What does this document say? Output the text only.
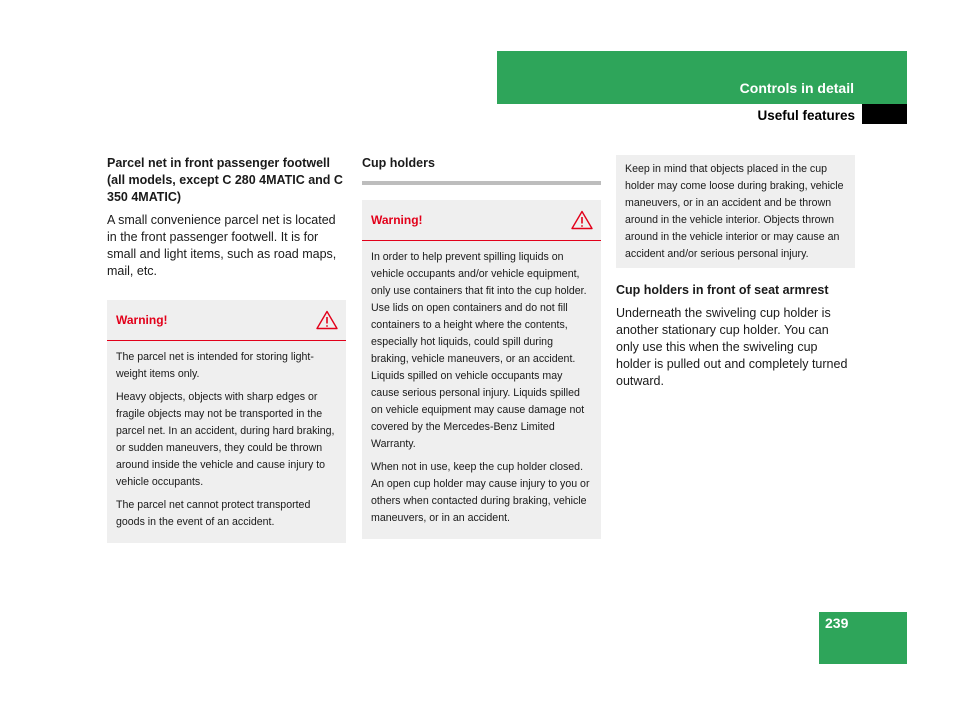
Controls in detail
Useful features

Parcel net in front passenger footwell (all models, except C 280 4MATIC and C 350 4MATIC)

A small convenience parcel net is located in the front passenger footwell. It is for small and light items, such as road maps, mail, etc.

Warning!

The parcel net is intended for storing light-weight items only.

Heavy objects, objects with sharp edges or fragile objects may not be transported in the parcel net. In an accident, during hard braking, or sudden maneuvers, they could be thrown around inside the vehicle and cause injury to vehicle occupants.

The parcel net cannot protect transported goods in the event of an accident.

Cup holders

Warning!

In order to help prevent spilling liquids on vehicle occupants and/or vehicle equipment, only use containers that fit into the cup holder. Use lids on open containers and do not fill containers to a height where the contents, especially hot liquids, could spill during braking, vehicle maneuvers, or an accident. Liquids spilled on vehicle occupants may cause serious personal injury. Liquids spilled on vehicle equipment may cause damage not covered by the Mercedes-Benz Limited Warranty.

When not in use, keep the cup holder closed. An open cup holder may cause injury to you or others when contacted during braking, vehicle maneuvers, or in an accident.

Keep in mind that objects placed in the cup holder may come loose during braking, vehicle maneuvers, or in an accident and be thrown around in the vehicle interior. Objects thrown around in the vehicle interior or may cause an accident and/or serious personal injury.

Cup holders in front of seat armrest

Underneath the swiveling cup holder is another stationary cup holder. You can only use this when the swiveling cup holder is pulled out and completely turned outward.

239
